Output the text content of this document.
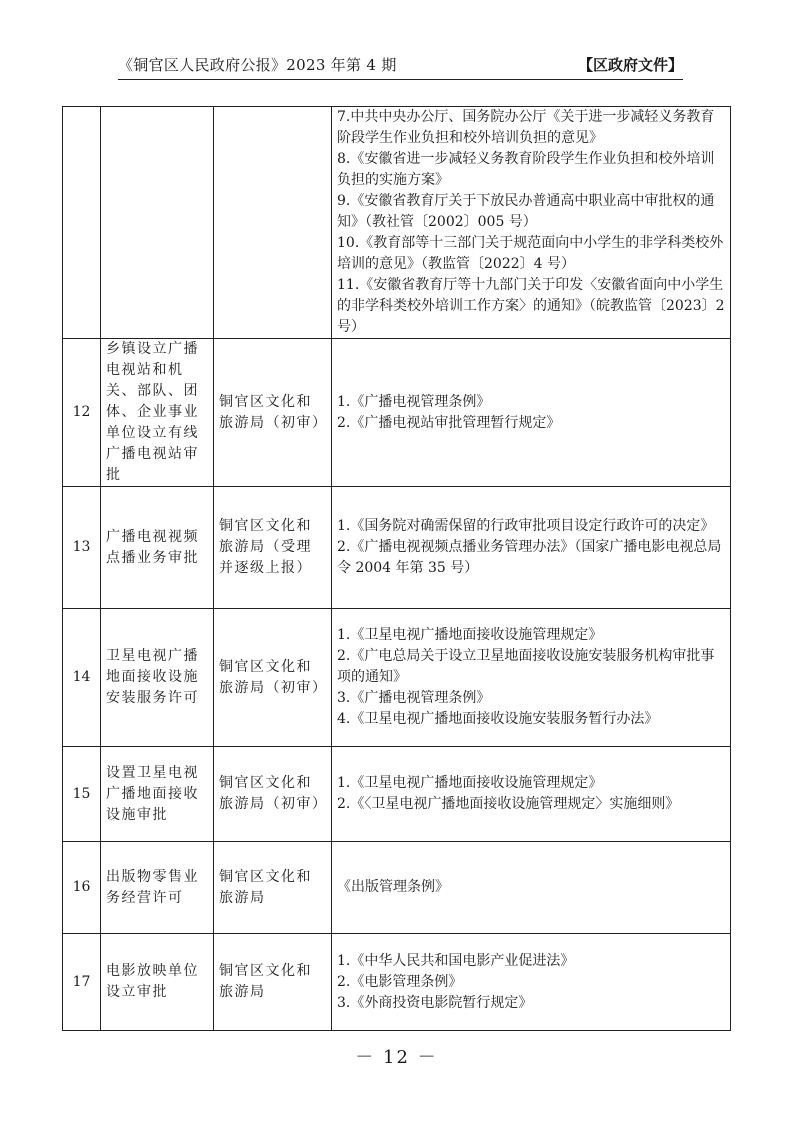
《铜官区人民政府公报》2023 年第 4 期	【区政府文件】

			7.中共中央办公厅、国务院办公厅《关于进一步减轻义务教育阶段学生作业负担和校外培训负担的意见》
8.《安徽省进一步减轻义务教育阶段学生作业负担和校外培训负担的实施方案》
9.《安徽省教育厅关于下放民办普通高中职业高中审批权的通知》（教社管〔2002〕005 号）
10.《教育部等十三部门关于规范面向中小学生的非学科类校外培训的意见》（教监管〔2022〕4 号）
11.《安徽省教育厅等十九部门关于印发〈安徽省面向中小学生的非学科类校外培训工作方案〉的通知》（皖教监管〔2023〕2 号）

12	乡镇设立广播电视站和机关、部队、团体、企业事业单位设立有线广播电视站审批	铜官区文化和旅游局（初审）	1.《广播电视管理条例》
2.《广播电视站审批管理暂行规定》

13	广播电视视频点播业务审批	铜官区文化和旅游局（受理并逐级上报）	1.《国务院对确需保留的行政审批项目设定行政许可的决定》
2.《广播电视视频点播业务管理办法》（国家广播电影电视总局令 2004 年第 35 号）

14	卫星电视广播地面接收设施安装服务许可	铜官区文化和旅游局（初审）	1.《卫星电视广播地面接收设施管理规定》
2.《广电总局关于设立卫星地面接收设施安装服务机构审批事项的通知》
3.《广播电视管理条例》
4.《卫星电视广播地面接收设施安装服务暂行办法》

15	设置卫星电视广播地面接收设施审批	铜官区文化和旅游局（初审）	1.《卫星电视广播地面接收设施管理规定》
2.《〈卫星电视广播地面接收设施管理规定〉实施细则》

16	出版物零售业务经营许可	铜官区文化和旅游局	《出版管理条例》

17	电影放映单位设立审批	铜官区文化和旅游局	1.《中华人民共和国电影产业促进法》
2.《电影管理条例》
3.《外商投资电影院暂行规定》
－ 12 －
